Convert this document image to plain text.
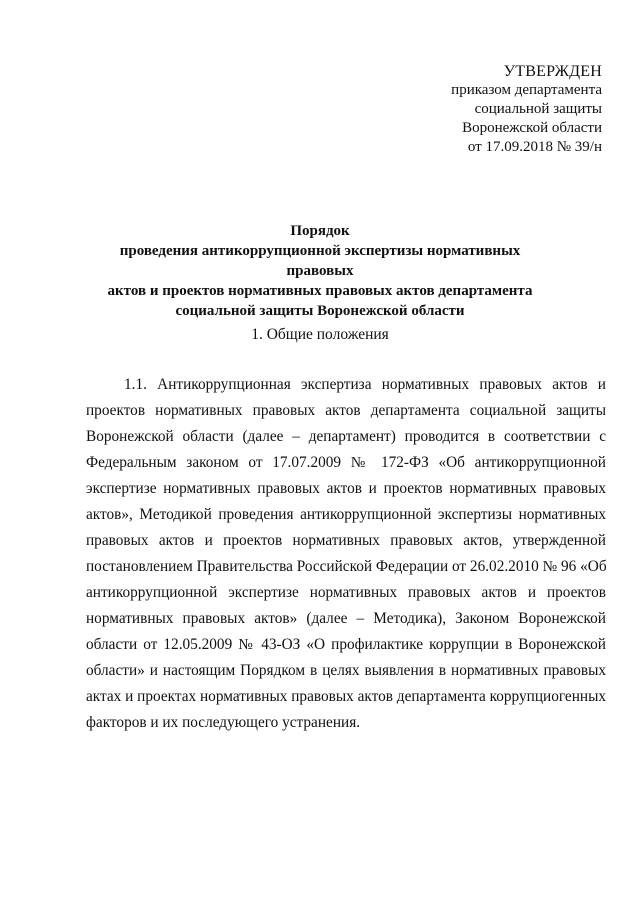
УТВЕРЖДЕН
приказом департамента
социальной защиты
Воронежской области
от 17.09.2018 № 39/н
Порядок
проведения антикоррупционной экспертизы нормативных правовых
актов и проектов нормативных правовых актов департамента
социальной защиты Воронежской области
1. Общие положения
1.1. Антикоррупционная экспертиза нормативных правовых актов и
проектов нормативных правовых актов департамента социальной защиты
Воронежской области (далее – департамент) проводится в соответствии с
Федеральным законом от 17.07.2009 № 172-ФЗ «Об антикоррупционной
экспертизе нормативных правовых актов и проектов нормативных правовых
актов», Методикой проведения антикоррупционной экспертизы нормативных
правовых актов и проектов нормативных правовых актов, утвержденной
постановлением Правительства Российской Федерации от 26.02.2010 № 96 «Об
антикоррупционной экспертизе нормативных правовых актов и проектов
нормативных правовых актов» (далее – Методика), Законом Воронежской
области от 12.05.2009 № 43-ОЗ «О профилактике коррупции в Воронежской
области» и настоящим Порядком в целях выявления в нормативных правовых
актах и проектах нормативных правовых актов департамента коррупциогенных
факторов и их последующего устранения.
